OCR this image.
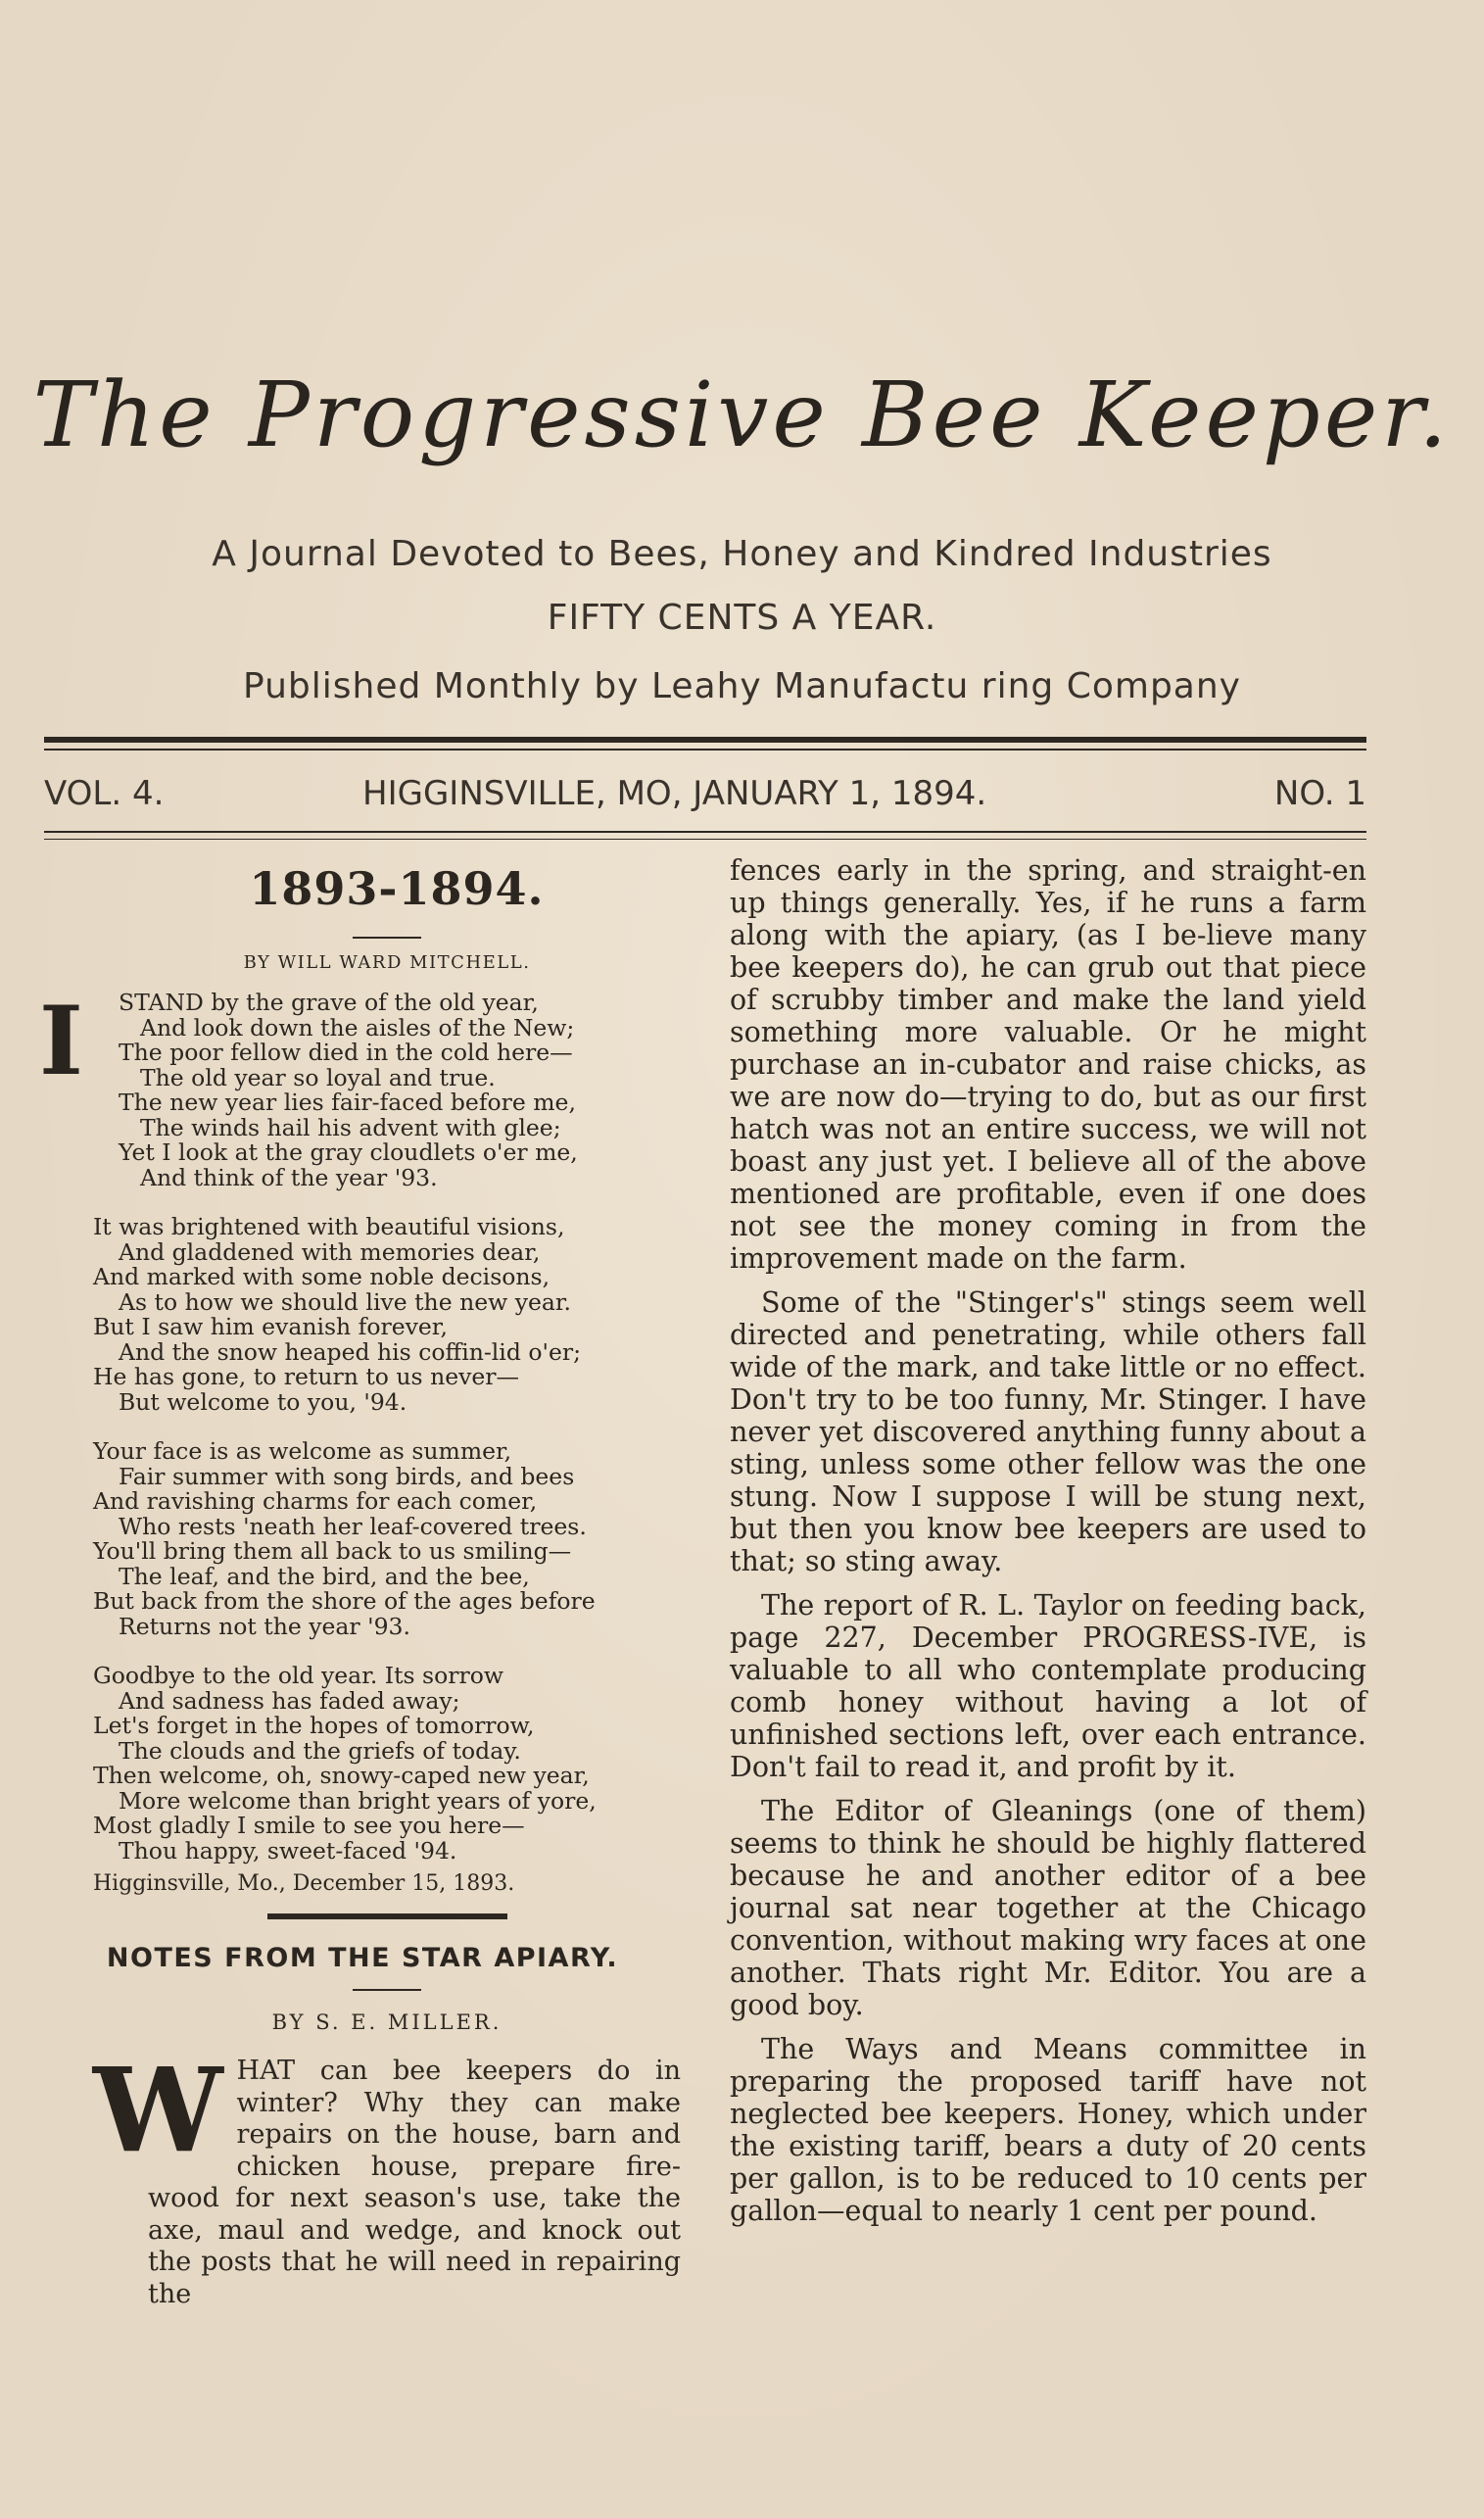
The Progressive Bee Keeper.
A Journal Devoted to Bees, Honey and Kindred Industries
FIFTY CENTS A YEAR.
Published Monthly by Leahy Manufactu ring Company
VOL. 4.	HIGGINSVILLE, MO, JANUARY 1, 1894.	NO. 1
1893-1894.
BY WILL WARD MITCHELL.
I	STAND by the grave of the old year,
And look down the aisles of the New;
The poor fellow died in the cold here—
The old year so loyal and true.
The new year lies fair-faced before me,
The winds hail his advent with glee;
Yet I look at the gray cloudlets o'er me,
And think of the year '93.
It was brightened with beautiful visions,
And gladdened with memories dear,
And marked with some noble decisons,
As to how we should live the new year.
But I saw him evanish forever,
And the snow heaped his coffin-lid o'er;
He has gone, to return to us never—
But welcome to you, '94.
Your face is as welcome as summer,
Fair summer with song birds, and bees
And ravishing charms for each comer,
Who rests 'neath her leaf-covered trees.
You'll bring them all back to us smiling—
The leaf, and the bird, and the bee,
But back from the shore of the ages before
Returns not the year '93.
Goodbye to the old year. Its sorrow
And sadness has faded away;
Let's forget in the hopes of tomorrow,
The clouds and the griefs of today.
Then welcome, oh, snowy-caped new year,
More welcome than bright years of yore,
Most gladly I smile to see you here—
Thou happy, sweet-faced '94.
Higginsville, Mo., December 15, 1893.
NOTES FROM THE STAR APIARY.
BY S. E. MILLER.

WHAT can bee keepers do in winter? Why they can make repairs on the house, barn and chicken house, prepare fire-wood for next season's use, take the axe, maul and wedge, and knock out the posts that he will need in repairing the

fences early in the spring, and straight-en up things generally. Yes, if he runs a farm along with the apiary, (as I be-lieve many bee keepers do), he can grub out that piece of scrubby timber and make the land yield something more valuable. Or he might purchase an in-cubator and raise chicks, as we are now do—trying to do, but as our first hatch was not an entire success, we will not boast any just yet. I believe all of the above mentioned are profitable, even if one does not see the money coming in from the improvement made on the farm.

Some of the "Stinger's" stings seem well directed and penetrating, while others fall wide of the mark, and take little or no effect. Don't try to be too funny, Mr. Stinger. I have never yet discovered anything funny about a sting, unless some other fellow was the one stung. Now I suppose I will be stung next, but then you know bee keepers are used to that; so sting away.

The report of R. L. Taylor on feeding back, page 227, December PROGRESS-IVE, is valuable to all who contemplate producing comb honey without having a lot of unfinished sections left, over each entrance. Don't fail to read it, and profit by it.

The Editor of Gleanings (one of them) seems to think he should be highly flattered because he and another editor of a bee journal sat near together at the Chicago convention, without making wry faces at one another. Thats right Mr. Editor. You are a good boy.

The Ways and Means committee in preparing the proposed tariff have not neglected bee keepers. Honey, which under the existing tariff, bears a duty of 20 cents per gallon, is to be reduced to 10 cents per gallon—equal to nearly 1 cent per pound.
